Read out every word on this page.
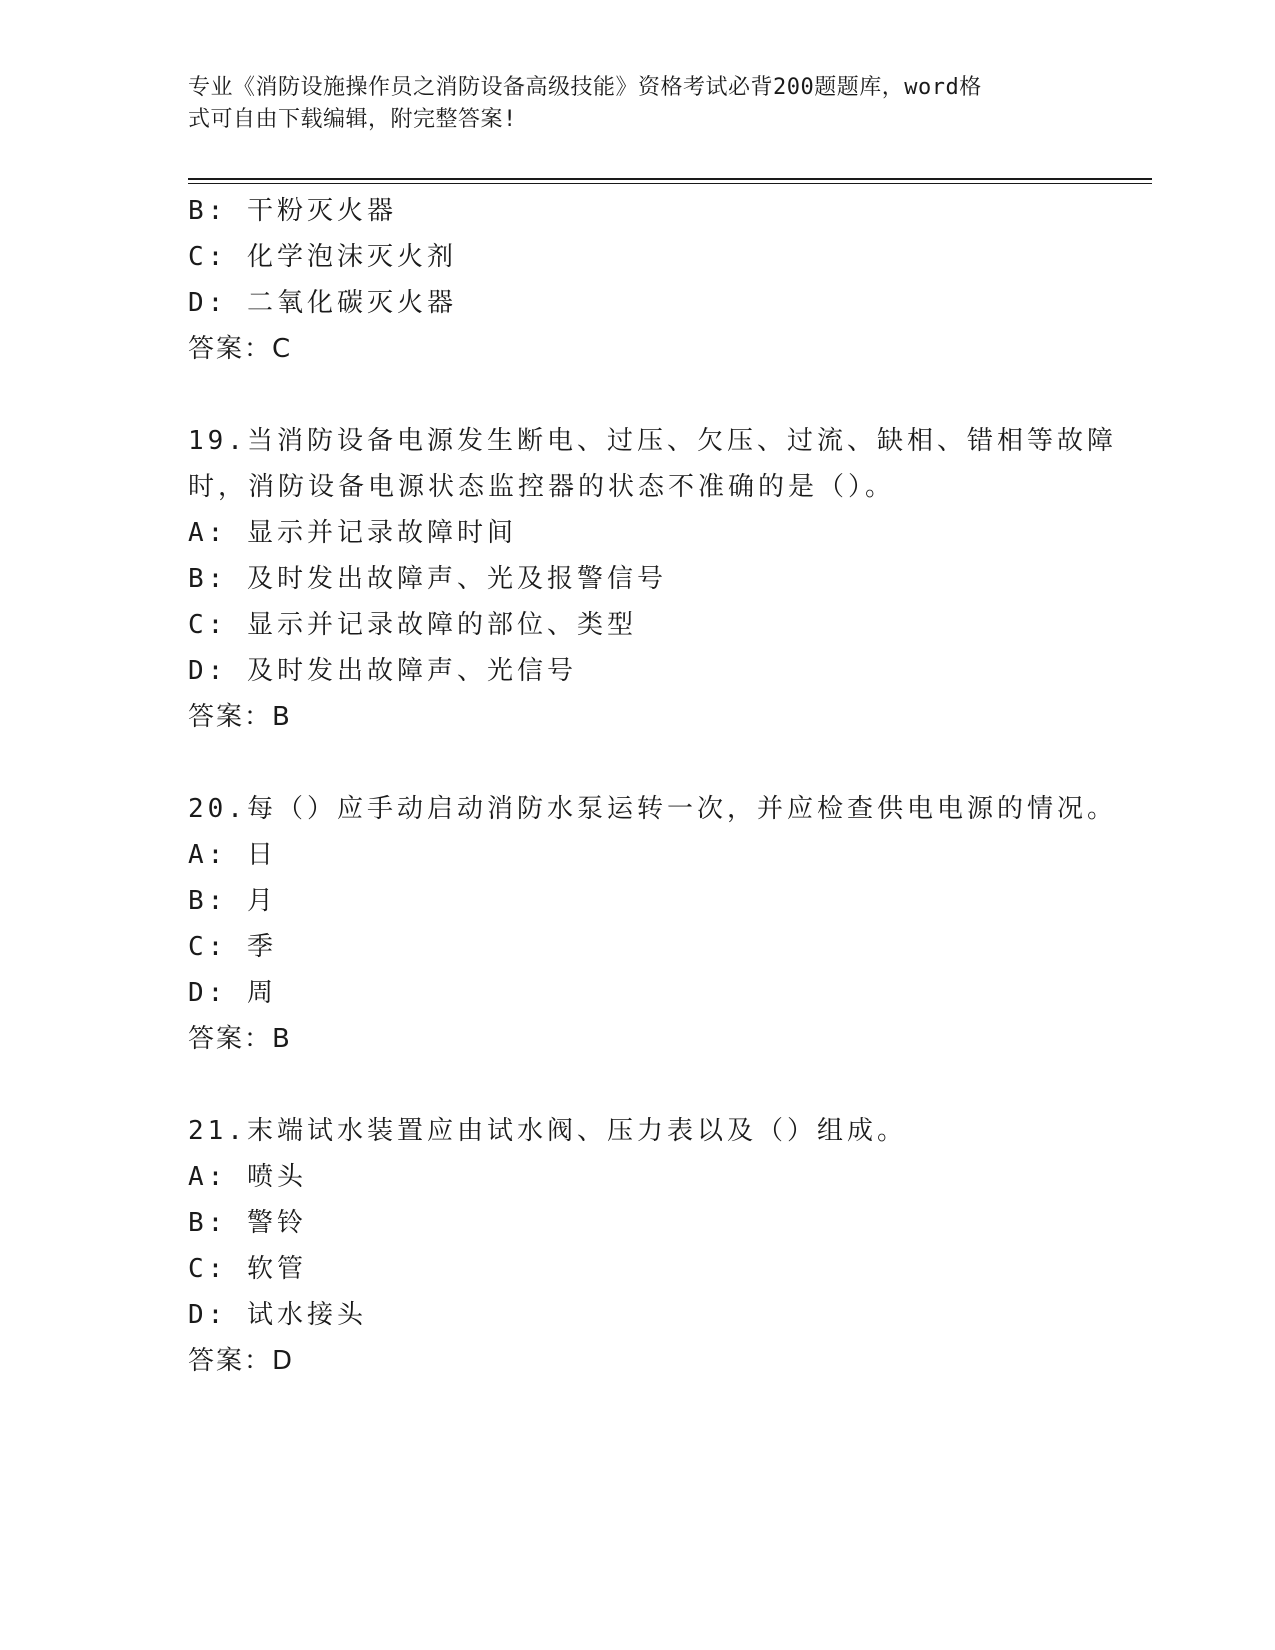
专业《消防设施操作员之消防设备高级技能》资格考试必背200题题库，word格
式可自由下载编辑，附完整答案!
B: 干粉灭火器
C: 化学泡沫灭火剂
D: 二氧化碳灭火器
答案：C
19.当消防设备电源发生断电、过压、欠压、过流、缺相、错相等故障
时，消防设备电源状态监控器的状态不准确的是（）。
A: 显示并记录故障时间
B: 及时发出故障声、光及报警信号
C: 显示并记录故障的部位、类型
D: 及时发出故障声、光信号
答案：B
20.每（）应手动启动消防水泵运转一次，并应检查供电电源的情况。
A: 日
B: 月
C: 季
D: 周
答案：B
21.末端试水装置应由试水阀、压力表以及（）组成。
A: 喷头
B: 警铃
C: 软管
D: 试水接头
答案：D
